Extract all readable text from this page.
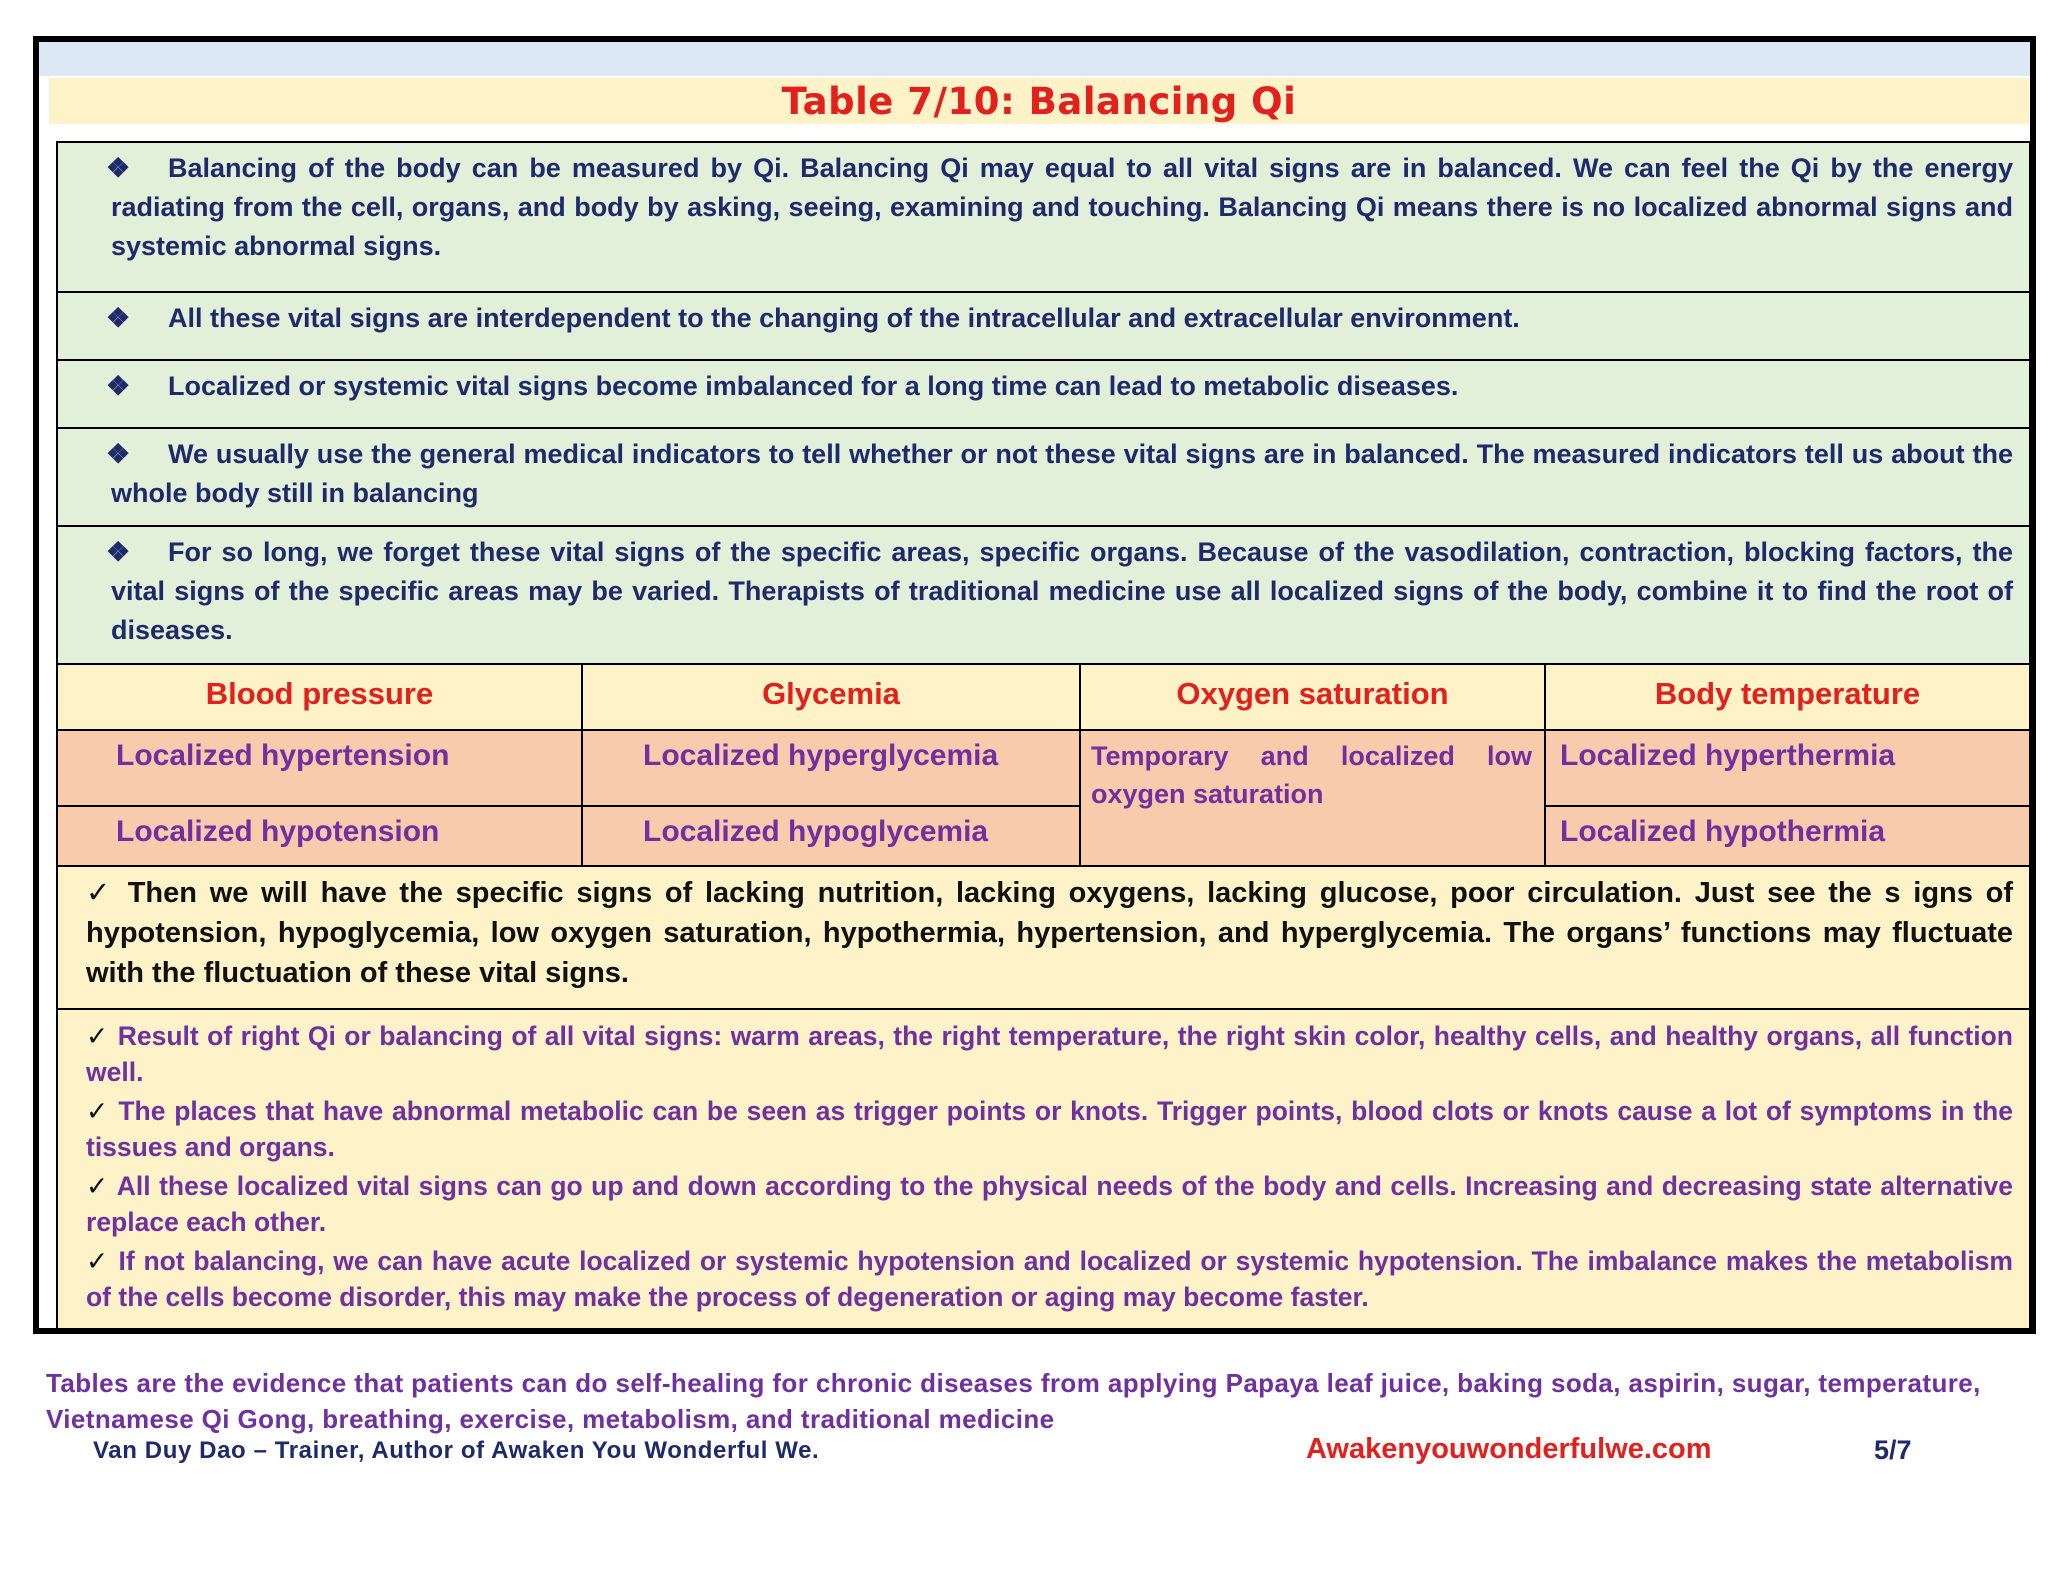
Table 7/10: Balancing Qi
❖ Balancing of the body can be measured by Qi. Balancing Qi may equal to all vital signs are in balanced. We can feel the Qi by the energy radiating from the cell, organs, and body by asking, seeing, examining and touching. Balancing Qi means there is no localized abnormal signs and systemic abnormal signs.			
❖ All these vital signs are interdependent to the changing of the intracellular and extracellular environment.			
❖ Localized or systemic vital signs become imbalanced for a long time can lead to metabolic diseases.			
❖ We usually use the general medical indicators to tell whether or not these vital signs are in balanced. The measured indicators tell us about the whole body still in balancing			
❖ For so long, we forget these vital signs of the specific areas, specific organs. Because of the vasodilation, contraction, blocking factors, the vital signs of the specific areas may be varied. Therapists of traditional medicine use all localized signs of the body, combine it to find the root of diseases.			
Blood pressure	Glycemia	Oxygen saturation	Body temperature
Localized hypertension	Localized hyperglycemia	Temporary and localized low oxygen saturation	Localized hyperthermia
Localized hypotension	Localized hypoglycemia		Localized hypothermia
✓ Then we will have the specific signs of lacking nutrition, lacking oxygens, lacking glucose, poor circulation. Just see the s igns of hypotension, hypoglycemia, low oxygen saturation, hypothermia, hypertension, and hyperglycemia. The organs’ functions may fluctuate with the fluctuation of these vital signs.			

✓ Result of right Qi or balancing of all vital signs: warm areas, the right temperature, the right skin color, healthy cells, and healthy organs, all function well.

✓ The places that have abnormal metabolic can be seen as trigger points or knots. Trigger points, blood clots or knots cause a lot of symptoms in the tissues and organs.

✓ All these localized vital signs can go up and down according to the physical needs of the body and cells. Increasing and decreasing state alternative replace each other.

✓ If not balancing, we can have acute localized or systemic hypotension and localized or systemic hypotension. The imbalance makes the metabolism of the cells become disorder, this may make the process of degeneration or aging may become faster.			

Tables are the evidence that patients can do self-healing for chronic diseases from applying Papaya leaf juice, baking soda, aspirin, sugar, temperature, Vietnamese Qi Gong, breathing, exercise, metabolism, and traditional medicine
Van Duy Dao – Trainer, Author of Awaken You Wonderful We.	Awakenyouwonderfulwe.com	5/7
